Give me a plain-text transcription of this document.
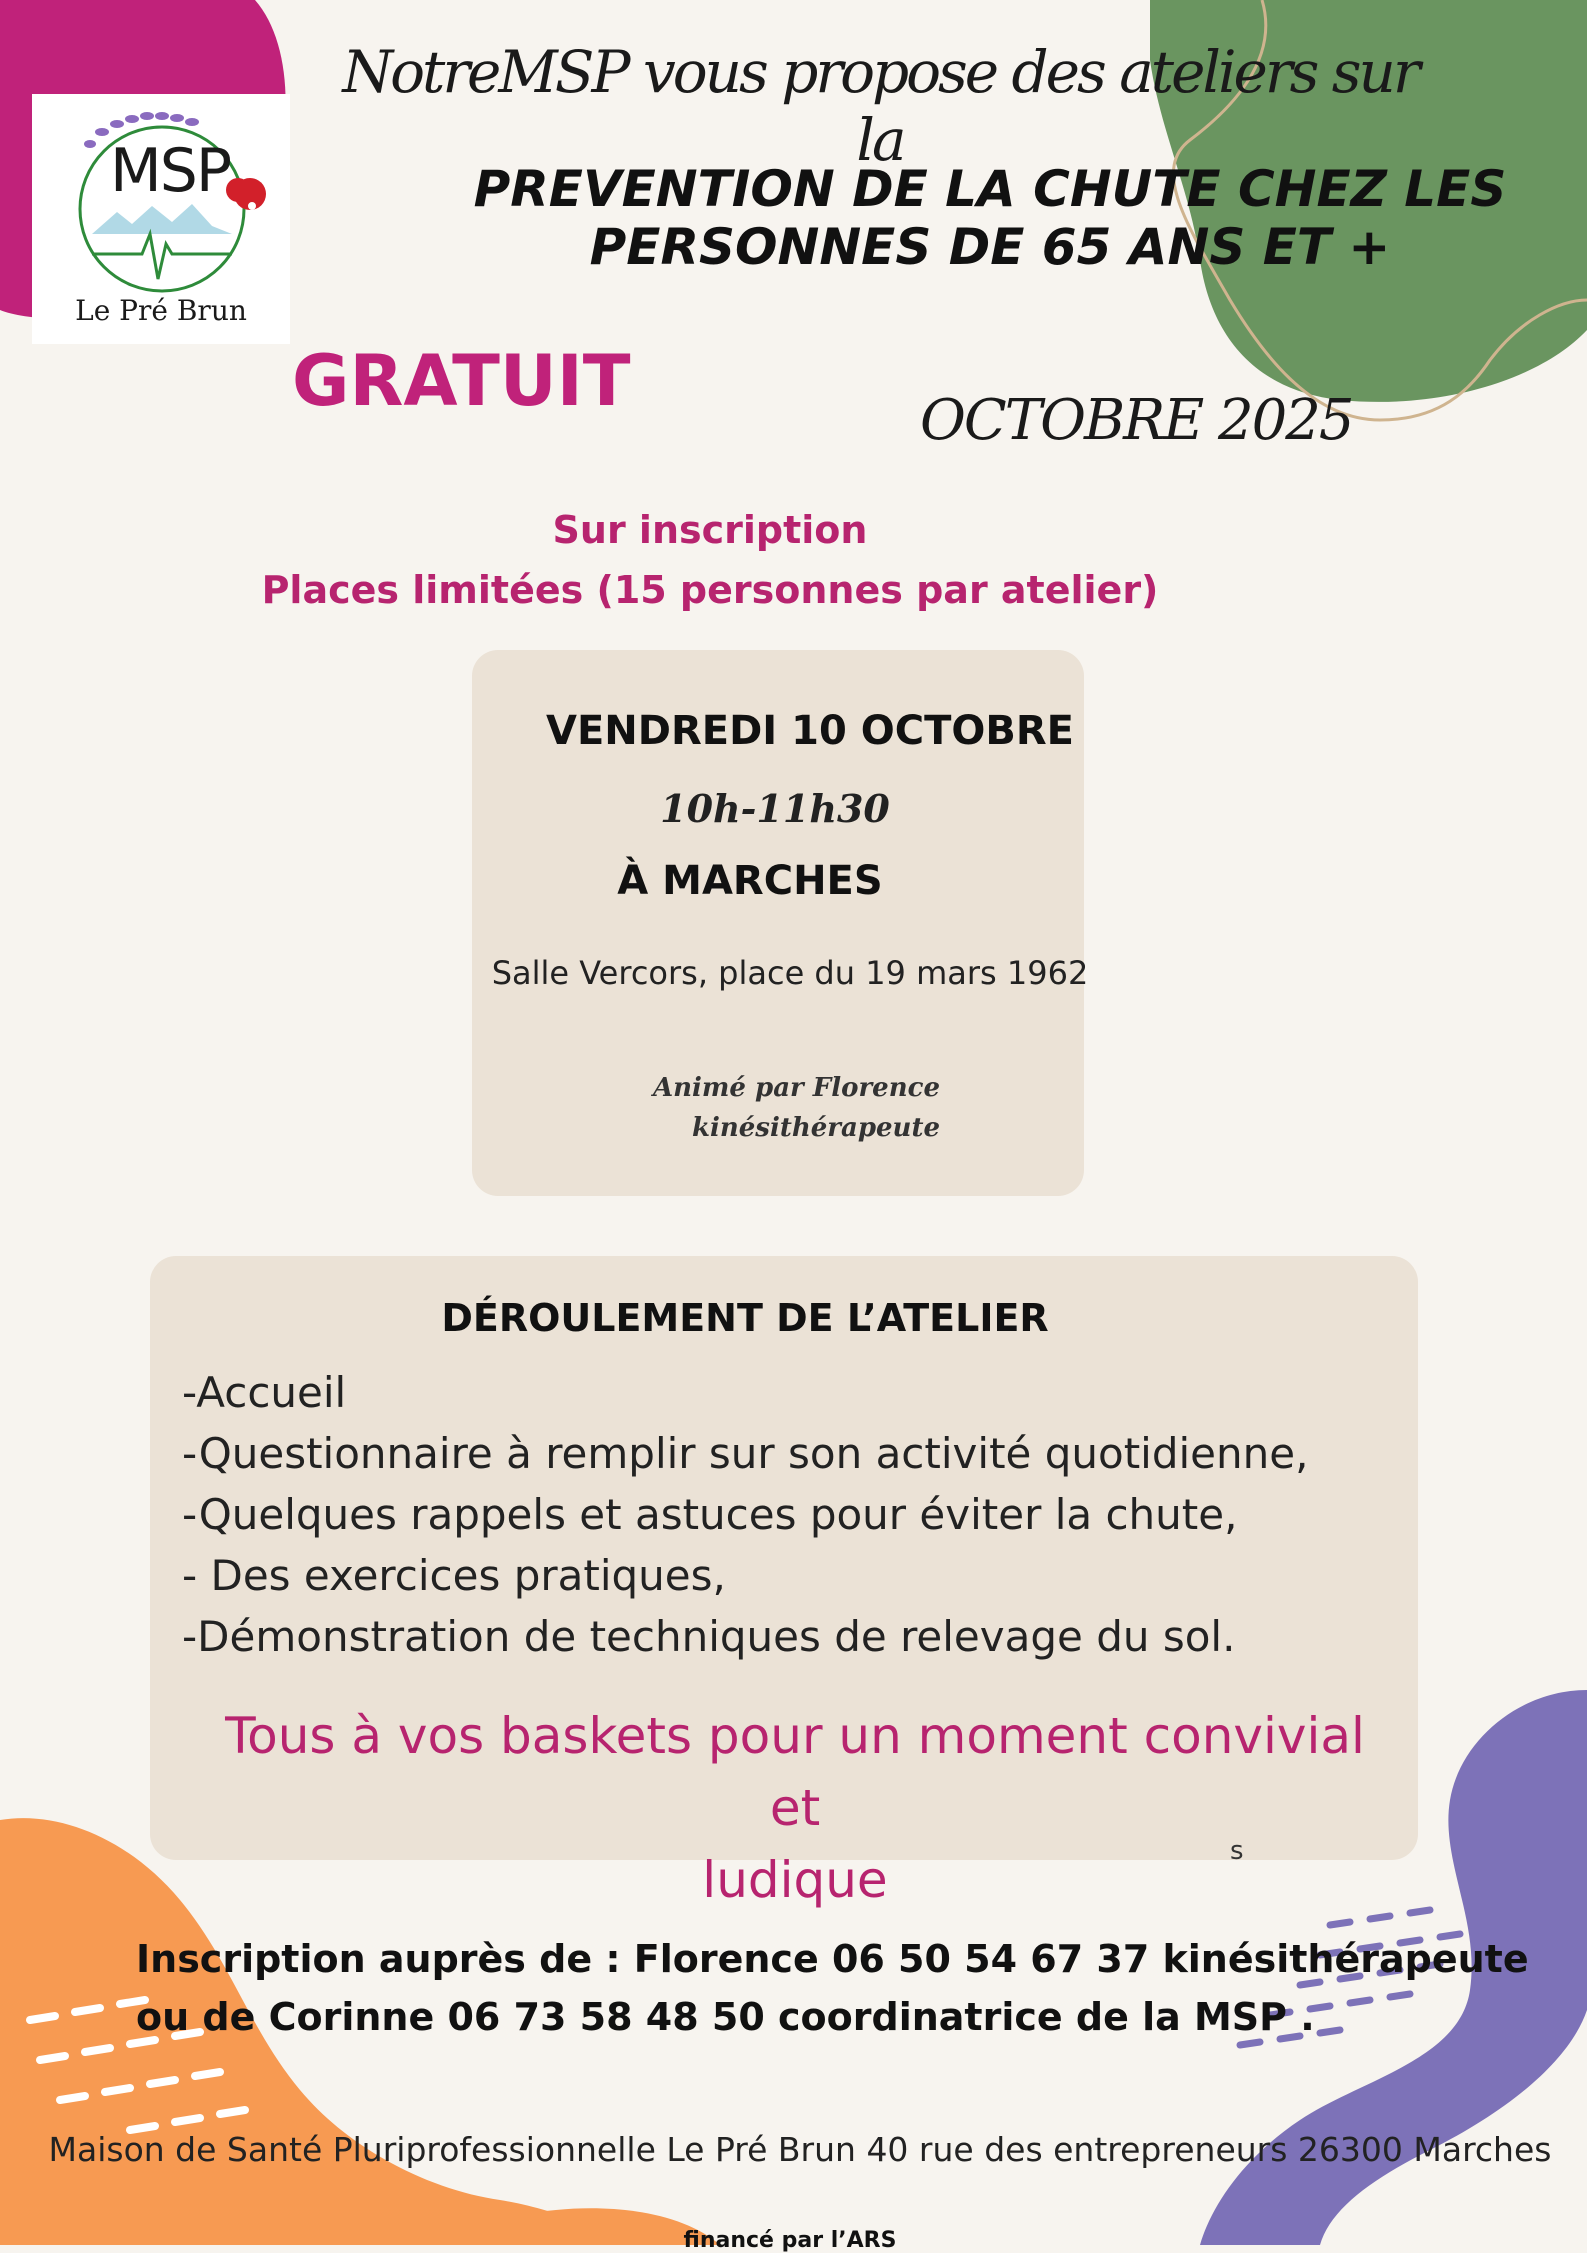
MSP
Le Pré Brun
NotreMSP vous propose des ateliers sur la
PREVENTION DE LA CHUTE CHEZ LES
PERSONNES DE 65 ANS ET +
GRATUIT	OCTOBRE 2025
Sur inscription
Places limitées (15 personnes par atelier)
VENDREDI 10 OCTOBRE
10h-11h30
À MARCHES
Salle Vercors, place du 19 mars 1962
Animé par Florence
kinésithérapeute
DÉROULEMENT DE L’ATELIER
-Accueil
-Questionnaire à remplir sur son activité quotidienne,
-Quelques rappels et astuces pour éviter la chute,
- Des exercices pratiques,
-Démonstration de techniques de relevage du sol.
Tous à vos baskets pour un moment convivial et
ludique	s
Inscription auprès de : Florence 06 50 54 67 37 kinésithérapeute
ou de Corinne 06 73 58 48 50 coordinatrice de la MSP .
Maison de Santé Pluriprofessionnelle Le Pré Brun 40 rue des entrepreneurs 26300 Marches
financé par l’ARS
